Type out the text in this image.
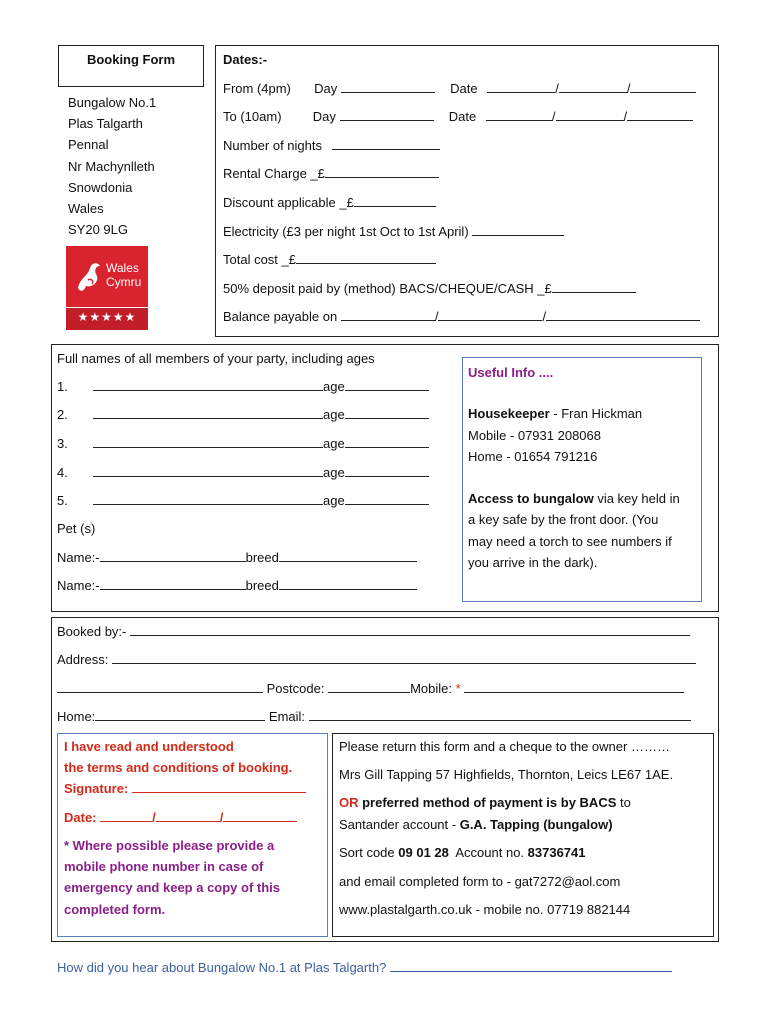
Booking Form
Bungalow No.1
Plas Talgarth
Pennal
Nr Machynlleth
Snowdonia
Wales
SY20 9LG
Wales
Cymru
★★★★★
Dates:-
From (4pm) Day	Date	/	/
To (10am) Day	Date	/	/
Number of nights
Rental Charge _£
Discount applicable _£
Electricity (£3 per night 1st Oct to 1st April)
Total cost _£
50% deposit paid by (method) BACS/CHEQUE/CASH _£
Balance payable on	/	/
Full names of all members of your party, including ages
1.	age
2.	age
3.	age
4.	age
5.	age
Pet (s)
Name:-	breed
Name:-	breed
Useful Info ....
Housekeeper - Fran Hickman
Mobile - 07931 208068
Home - 01654 791216
Access to bungalow via key held in
a key safe by the front door. (You
may need a torch to see numbers if
you arrive in the dark).
Booked by:-
Address:
Postcode:	Mobile: *
Home:	Email:
I have read and understood
the terms and conditions of booking.
Signature:
Date:	/	/
* Where possible please provide a
mobile phone number in case of
emergency and keep a copy of this
completed form.
Please return this form and a cheque to the owner ………
Mrs Gill Tapping 57 Highfields, Thornton, Leics LE67 1AE.
OR preferred method of payment is by BACS to
Santander account - G.A. Tapping (bungalow)
Sort code 09 01 28  Account no. 83736741
and email completed form to - gat7272@aol.com
www.plastalgarth.co.uk - mobile no. 07719 882144
How did you hear about Bungalow No.1 at Plas Talgarth?
